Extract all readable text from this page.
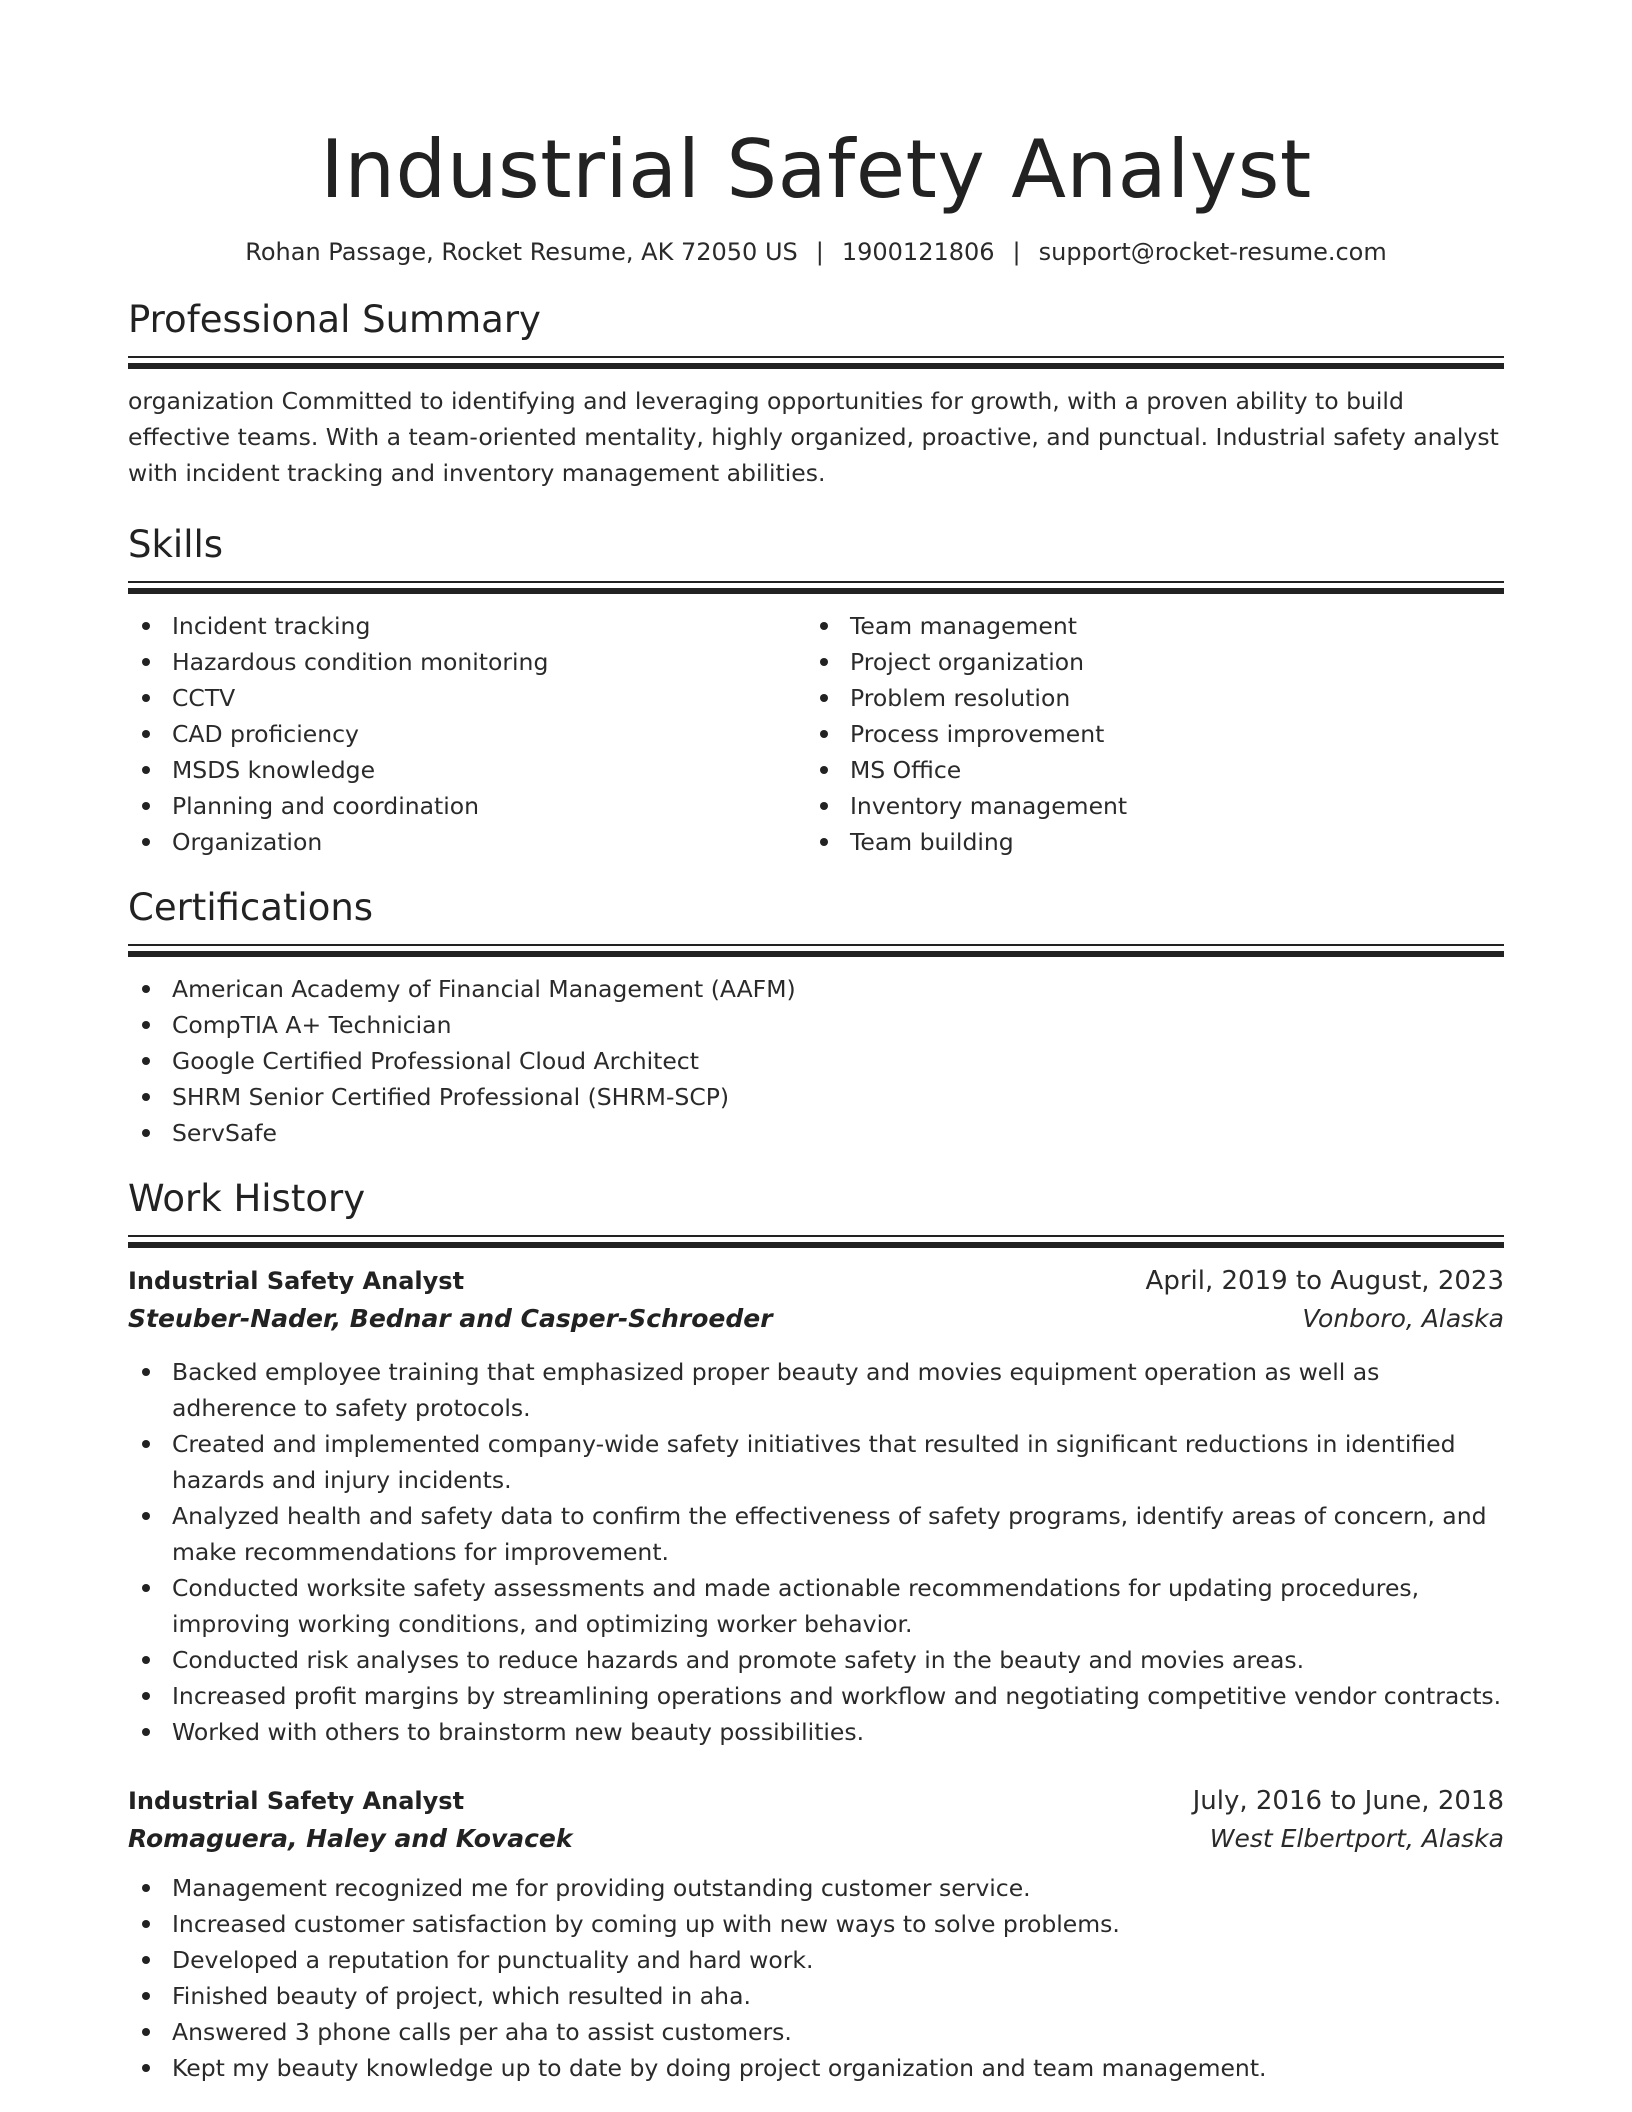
Industrial Safety Analyst
Rohan Passage, Rocket Resume, AK 72050 US | 1900121806 | support@rocket-resume.com
Professional Summary

organization Committed to identifying and leveraging opportunities for growth, with a proven ability to build effective teams. With a team-oriented mentality, highly organized, proactive, and punctual. Industrial safety analyst with incident tracking and inventory management abilities.

Skills
Incident tracking
Hazardous condition monitoring
CCTV
CAD proficiency
MSDS knowledge
Planning and coordination
Organization
Team management
Project organization
Problem resolution
Process improvement
MS Office
Inventory management
Team building
Certifications
American Academy of Financial Management (AAFM)
CompTIA A+ Technician
Google Certified Professional Cloud Architect
SHRM Senior Certified Professional (SHRM-SCP)
ServSafe
Work History
Industrial Safety Analyst	April, 2019 to August, 2023
Steuber-Nader, Bednar and Casper-Schroeder	Vonboro, Alaska
Backed employee training that emphasized proper beauty and movies equipment operation as well as adherence to safety protocols.
Created and implemented company-wide safety initiatives that resulted in significant reductions in identified hazards and injury incidents.
Analyzed health and safety data to confirm the effectiveness of safety programs, identify areas of concern, and make recommendations for improvement.
Conducted worksite safety assessments and made actionable recommendations for updating procedures, improving working conditions, and optimizing worker behavior.
Conducted risk analyses to reduce hazards and promote safety in the beauty and movies areas.
Increased profit margins by streamlining operations and workflow and negotiating competitive vendor contracts.
Worked with others to brainstorm new beauty possibilities.
Industrial Safety Analyst	July, 2016 to June, 2018
Romaguera, Haley and Kovacek	West Elbertport, Alaska
Management recognized me for providing outstanding customer service.
Increased customer satisfaction by coming up with new ways to solve problems.
Developed a reputation for punctuality and hard work.
Finished beauty of project, which resulted in aha.
Answered 3 phone calls per aha to assist customers.
Kept my beauty knowledge up to date by doing project organization and team management.
